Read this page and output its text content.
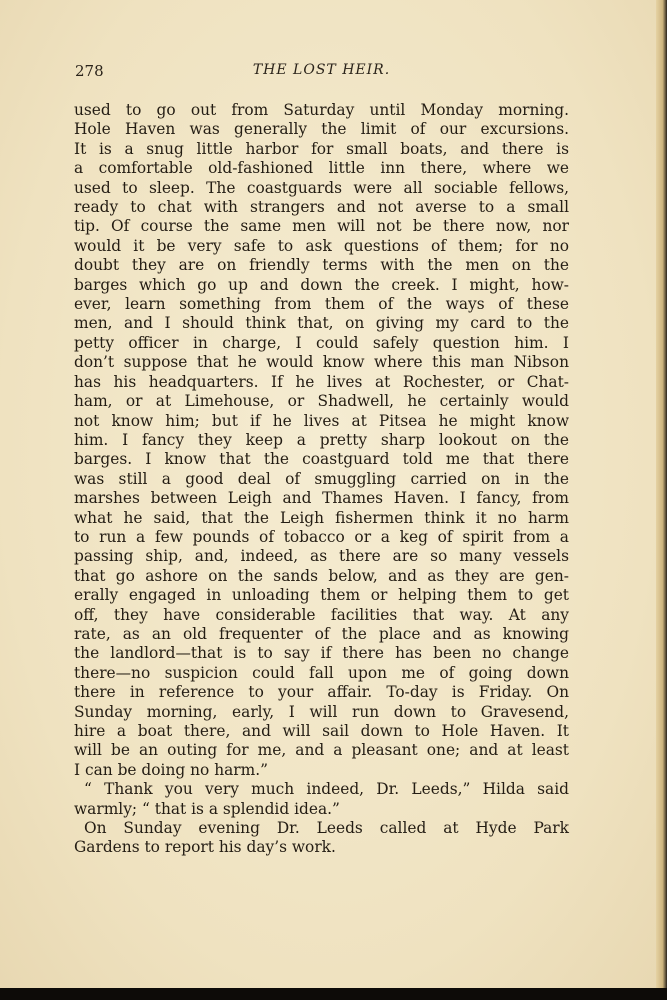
278	THE LOST HEIR.
used to go out from Saturday until Monday morning.
Hole Haven was generally the limit of our excursions.
It is a snug little harbor for small boats, and there is
a comfortable old-fashioned little inn there, where we
used to sleep. The coastguards were all sociable fellows,
ready to chat with strangers and not averse to a small
tip. Of course the same men will not be there now, nor
would it be very safe to ask questions of them; for no
doubt they are on friendly terms with the men on the
barges which go up and down the creek. I might, how-
ever, learn something from them of the ways of these
men, and I should think that, on giving my card to the
petty officer in charge, I could safely question him. I
don’t suppose that he would know where this man Nibson
has his headquarters. If he lives at Rochester, or Chat-
ham, or at Limehouse, or Shadwell, he certainly would
not know him; but if he lives at Pitsea he might know
him. I fancy they keep a pretty sharp lookout on the
barges. I know that the coastguard told me that there
was still a good deal of smuggling carried on in the
marshes between Leigh and Thames Haven. I fancy, from
what he said, that the Leigh fishermen think it no harm
to run a few pounds of tobacco or a keg of spirit from a
passing ship, and, indeed, as there are so many vessels
that go ashore on the sands below, and as they are gen-
erally engaged in unloading them or helping them to get
off, they have considerable facilities that way. At any
rate, as an old frequenter of the place and as knowing
the landlord—that is to say if there has been no change
there—no suspicion could fall upon me of going down
there in reference to your affair. To-day is Friday. On
Sunday morning, early, I will run down to Gravesend,
hire a boat there, and will sail down to Hole Haven. It
will be an outing for me, and a pleasant one; and at least
I can be doing no harm.”
“ Thank you very much indeed, Dr. Leeds,” Hilda said
warmly; “ that is a splendid idea.”
On Sunday evening Dr. Leeds called at Hyde Park
Gardens to report his day’s work.
